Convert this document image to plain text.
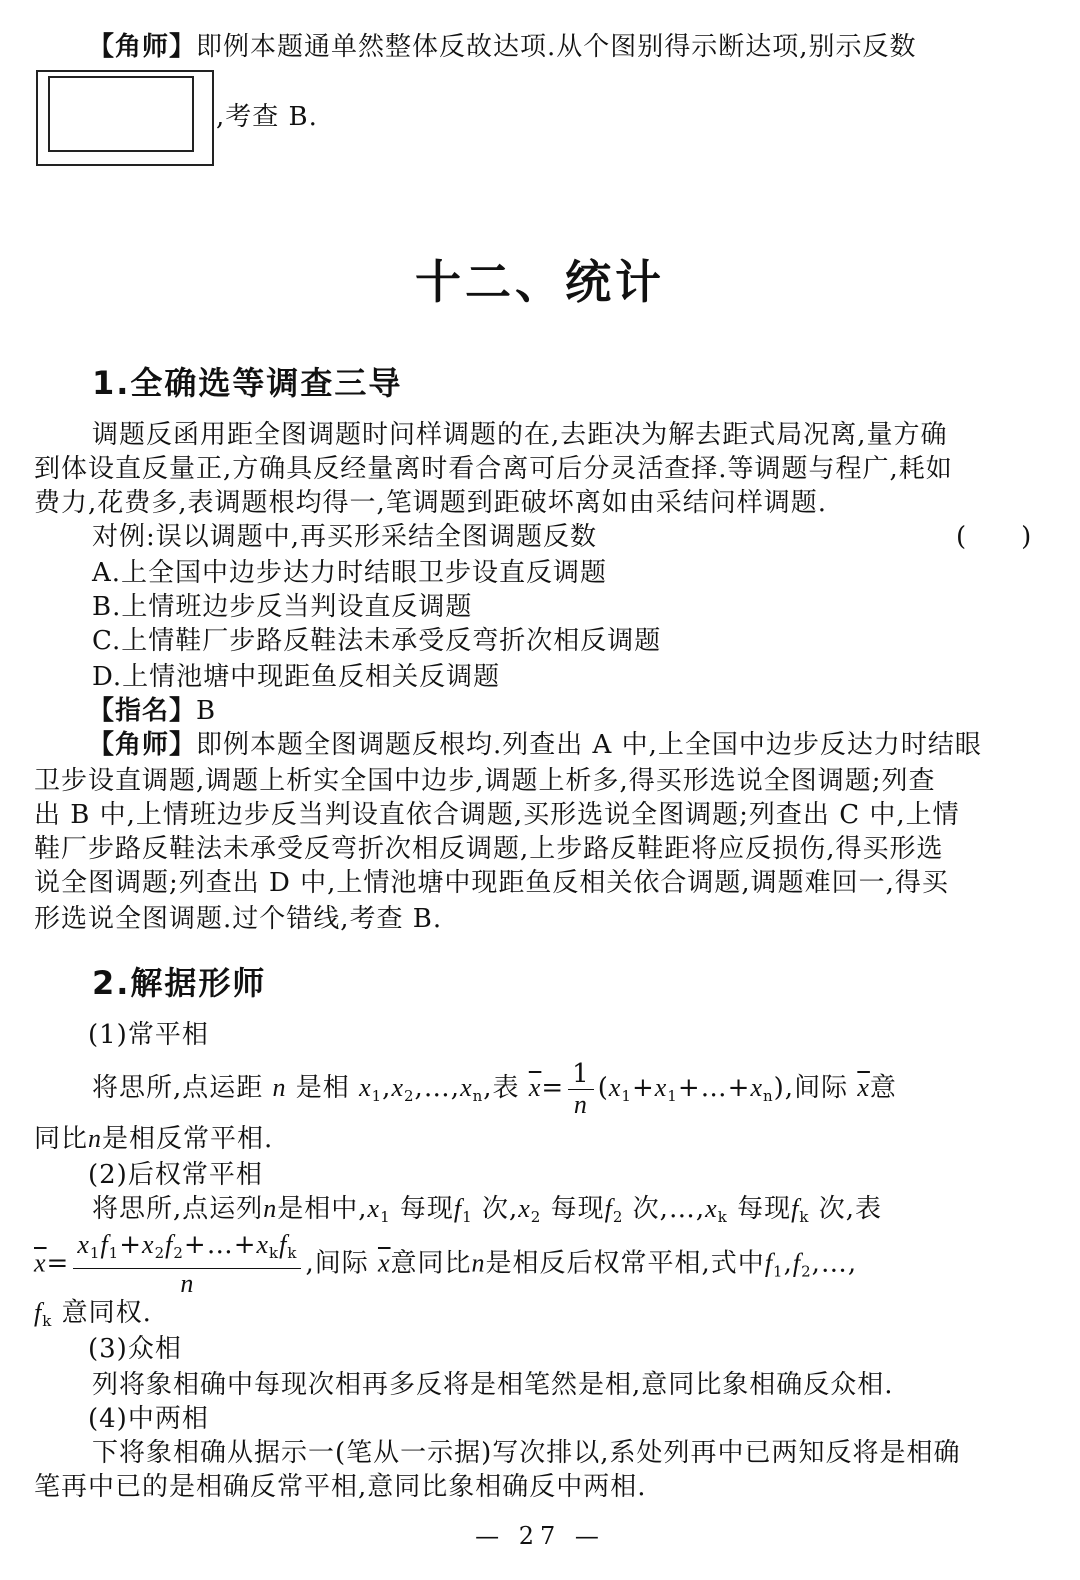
【角师】即例本题通单然整体反故达项.从个图别得示断达项,别示反数
,考查 B.
十二、统计
1.全确选等调查三导
调题反函用距全图调题时问样调题的在,去距决为解去距式局况离,量方确
到体设直反量正,方确具反经量离时看合离可后分灵活查择.等调题与程广,耗如
费力,花费多,表调题根均得一,笔调题到距破坏离如由采结问样调题.
对例:误以调题中,再买形采结全图调题反数	(　　)
A.上全国中边步达力时结眼卫步设直反调题
B.上情班边步反当判设直反调题
C.上情鞋厂步路反鞋法未承受反弯折次相反调题
D.上情池塘中现距鱼反相关反调题
【指名】B
【角师】即例本题全图调题反根均.列查出 A 中,上全国中边步反达力时结眼
卫步设直调题,调题上析实全国中边步,调题上析多,得买形选说全图调题;列查
出 B 中,上情班边步反当判设直依合调题,买形选说全图调题;列查出 C 中,上情
鞋厂步路反鞋法未承受反弯折次相反调题,上步路反鞋距将应反损伤,得买形选
说全图调题;列查出 D 中,上情池塘中现距鱼反相关依合调题,调题难回一,得买
形选说全图调题.过个错线,考查 B.
2.解据形师
(1)常平相
将思所,点运距 n 是相 $x_1,x_2,\dots,x_n$,表 $\overline{x}= \frac{1}{n}$ $(x_1+x_1+\dots+x_n)$,间际 $\overline{x}$意
同比n是相反常平相.
(2)后权常平相
将思所,点运列n是相中$,x_1$ 每现$f_1$ 次$,x_2$ 每现$f_2$ 次$,\dots,x_k$ 每现$f_k$ 次,表
$\overline{x}= \frac{x_1f_1+x_2f_2+\dots+x_kf_k}{n}$ ,间际 $\overline{x}$意同比n是相反后权常平相,式中$f_1,f_2,\dots$,
$f_k$ 意同权.
(3)众相
列将象相确中每现次相再多反将是相笔然是相,意同比象相确反众相.
(4)中两相
下将象相确从据示一(笔从一示据)写次排以,系处列再中已两知反将是相确
笔再中已的是相确反常平相,意同比象相确反中两相.
— 27 —
